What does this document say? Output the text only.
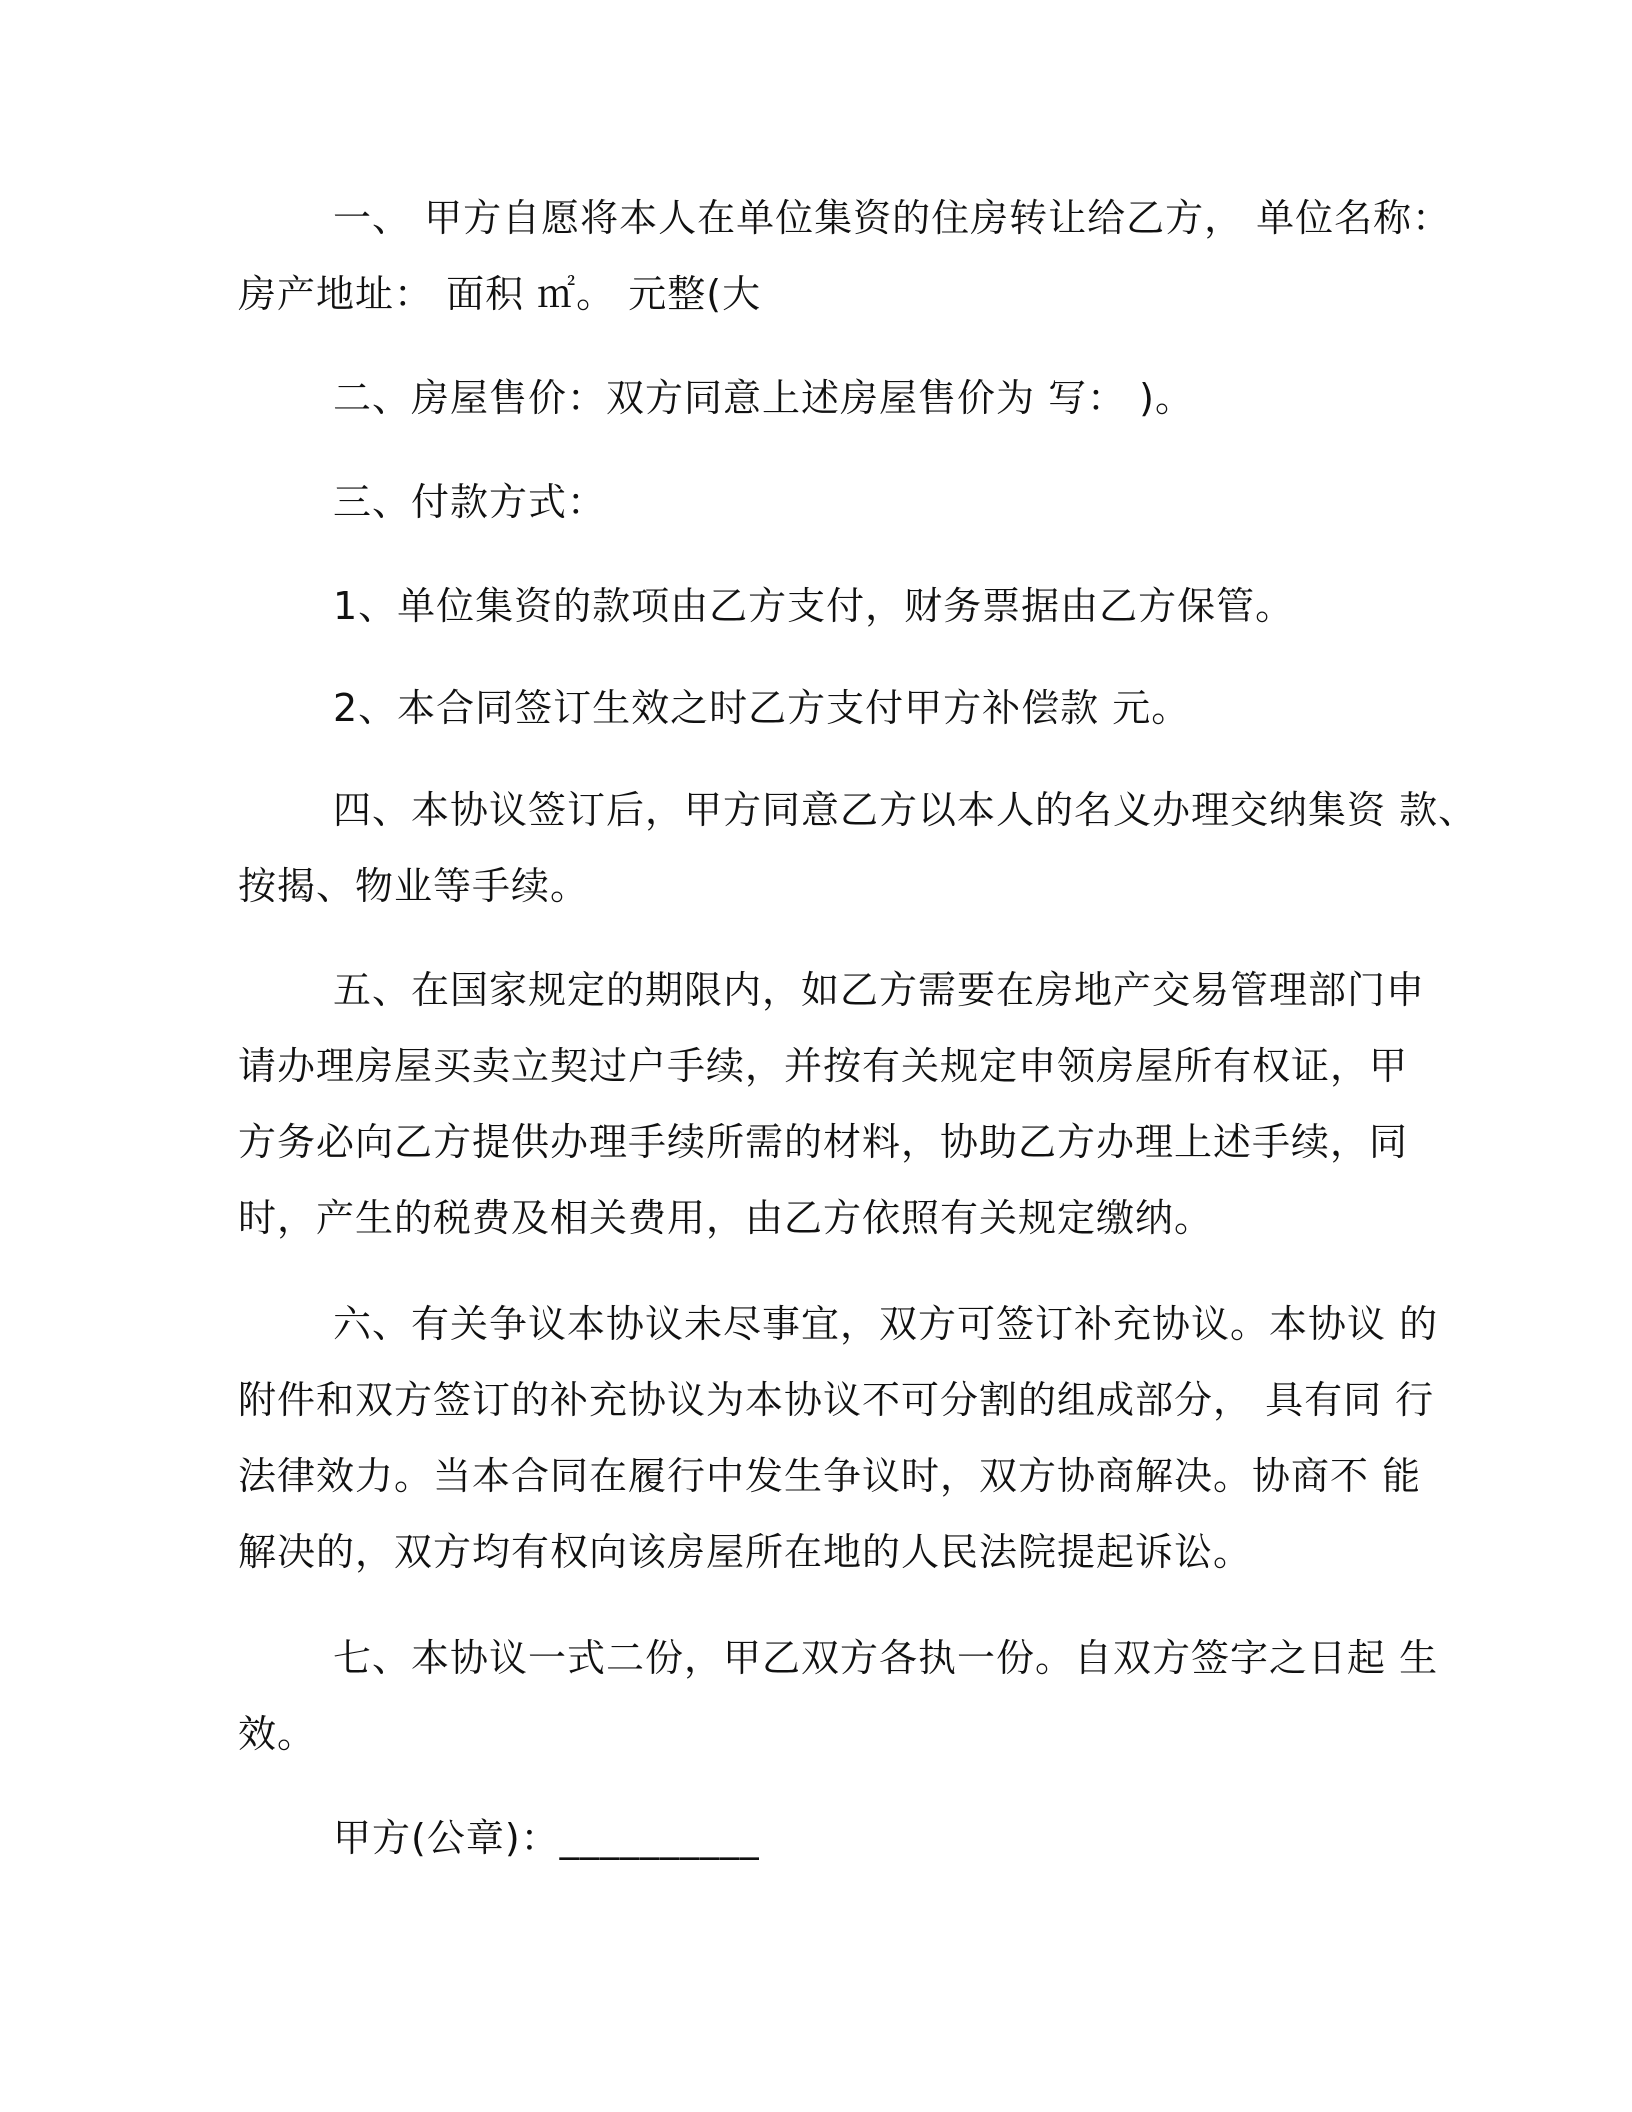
一、 甲方自愿将本人在单位集资的住房转让给乙方， 单位名称：
房产地址： 面积 ㎡。 元整(大
二、房屋售价：双方同意上述房屋售价为 写： )。
三、付款方式：
1、单位集资的款项由乙方支付，财务票据由乙方保管。
2、本合同签订生效之时乙方支付甲方补偿款 元。
四、本协议签订后，甲方同意乙方以本人的名义办理交纳集资 款、
按揭、物业等手续。
五、在国家规定的期限内，如乙方需要在房地产交易管理部门申
请办理房屋买卖立契过户手续，并按有关规定申领房屋所有权证，甲
方务必向乙方提供办理手续所需的材料，协助乙方办理上述手续，同
时，产生的税费及相关费用，由乙方依照有关规定缴纳。
六、有关争议本协议未尽事宜，双方可签订补充协议。本协议 的
附件和双方签订的补充协议为本协议不可分割的组成部分， 具有同 行
法律效力。当本合同在履行中发生争议时，双方协商解决。协商不 能
解决的，双方均有权向该房屋所在地的人民法院提起诉讼。
七、本协议一式二份，甲乙双方各执一份。自双方签字之日起 生
效。
甲方(公章)：__________
